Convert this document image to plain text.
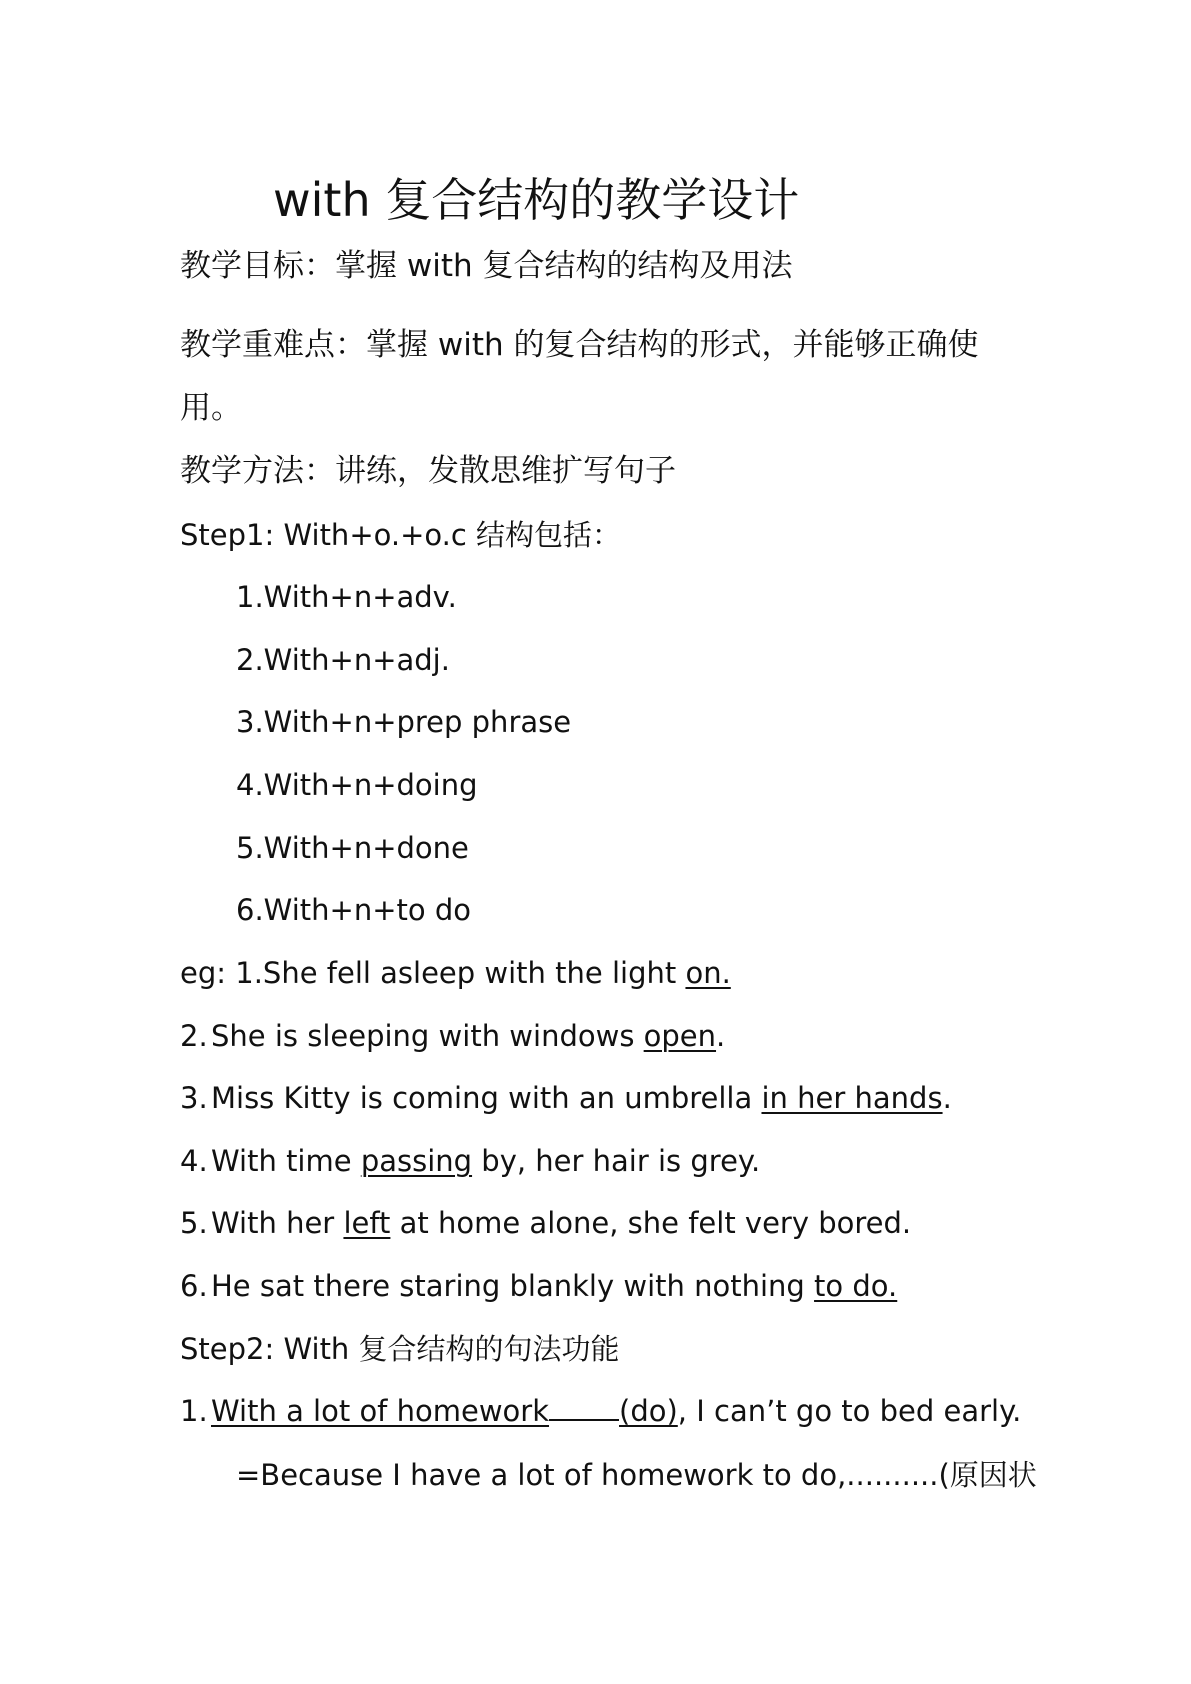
with 复合结构的教学设计
教学目标：掌握 with 复合结构的结构及用法
教学重难点：掌握 with 的复合结构的形式，并能够正确使
用。
教学方法：讲练，发散思维扩写句子
Step1: With+o.+o.c 结构包括：
1.With+n+adv.
2.With+n+adj.
3.With+n+prep phrase
4.With+n+doing
5.With+n+done
6.With+n+to do
eg: 1.She fell asleep with the light on.
2. She is sleeping with windows open.
3. Miss Kitty is coming with an umbrella in her hands.
4. With time passing by, her hair is grey.
5. With her left at home alone, she felt very bored.
6. He sat there staring blankly with nothing to do.
Step2: With 复合结构的句法功能
1. With a lot of homework (do), I can’t go to bed early.
=Because I have a lot of homework to do,..........(原因状
